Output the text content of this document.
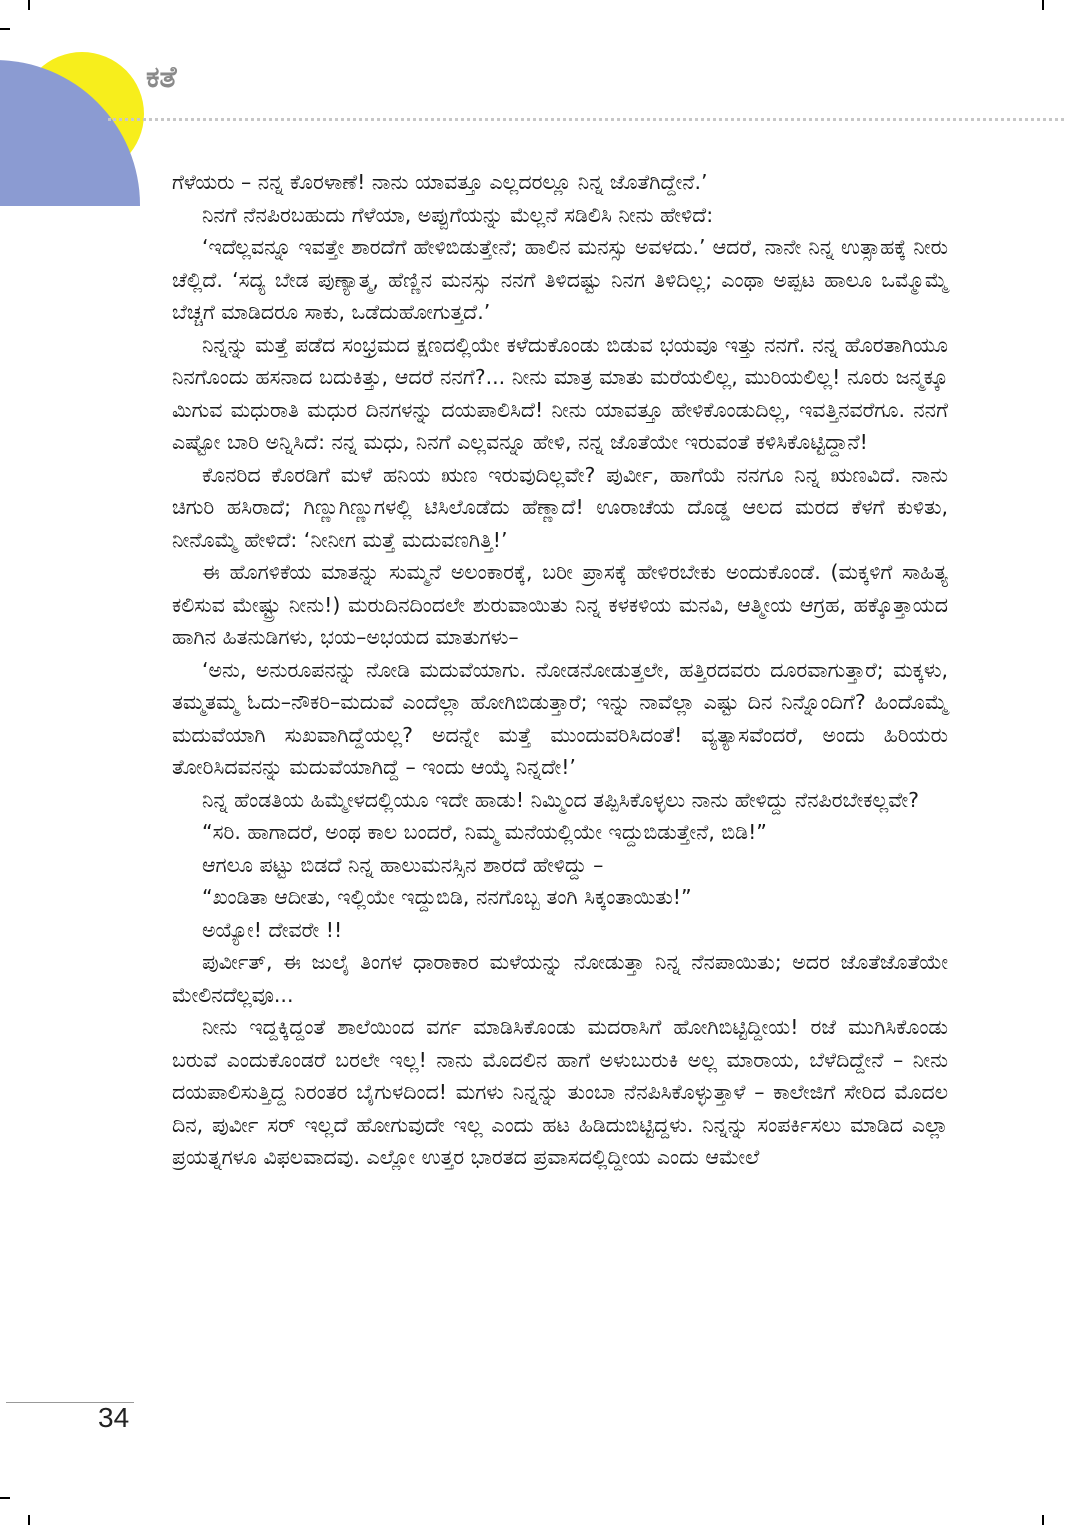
ಕತೆ

ಗೆಳೆಯರು – ನನ್ನ ಕೊರಳಾಣೆ! ನಾನು ಯಾವತ್ತೂ ಎಲ್ಲದರಲ್ಲೂ ನಿನ್ನ ಜೊತೆಗಿದ್ದೇನೆ.’

ನಿನಗೆ ನೆನಪಿರಬಹುದು ಗೆಳೆಯಾ, ಅಪ್ಪುಗೆಯನ್ನು ಮೆಲ್ಲನೆ ಸಡಿಲಿಸಿ ನೀನು ಹೇಳಿದೆ:

‘ಇದೆಲ್ಲವನ್ನೂ ಇವತ್ತೇ ಶಾರದೆಗೆ ಹೇಳಿಬಿಡುತ್ತೇನೆ; ಹಾಲಿನ ಮನಸ್ಸು ಅವಳದು.’ ಆದರೆ, ನಾನೇ ನಿನ್ನ ಉತ್ಸಾಹಕ್ಕೆ ನೀರು ಚೆಲ್ಲಿದೆ. ‘ಸದ್ಯ ಬೇಡ ಪುಣ್ಯಾತ್ಮ, ಹೆಣ್ಣಿನ ಮನಸ್ಸು ನನಗೆ ತಿಳಿದಷ್ಟು ನಿನಗ ತಿಳಿದಿಲ್ಲ; ಎಂಥಾ ಅಪ್ಪಟ ಹಾಲೂ ಒಮ್ಮೊಮ್ಮೆ ಬೆಚ್ಚಗೆ ಮಾಡಿದರೂ ಸಾಕು, ಒಡೆದುಹೋಗುತ್ತದೆ.’

ನಿನ್ನನ್ನು ಮತ್ತೆ ಪಡೆದ ಸಂಭ್ರಮದ ಕ್ಷಣದಲ್ಲಿಯೇ ಕಳೆದುಕೊಂಡು ಬಿಡುವ ಭಯವೂ ಇತ್ತು ನನಗೆ. ನನ್ನ ಹೊರತಾಗಿಯೂ ನಿನಗೊಂದು ಹಸನಾದ ಬದುಕಿತ್ತು, ಆದರೆ ನನಗೆ?... ನೀನು ಮಾತ್ರ ಮಾತು ಮರೆಯಲಿಲ್ಲ, ಮುರಿಯಲಿಲ್ಲ! ನೂರು ಜನ್ಮಕ್ಕೂ ಮಿಗುವ ಮಧುರಾತಿ ಮಧುರ ದಿನಗಳನ್ನು ದಯಪಾಲಿಸಿದೆ! ನೀನು ಯಾವತ್ತೂ ಹೇಳಿಕೊಂಡುದಿಲ್ಲ, ಇವತ್ತಿನವರೆಗೂ. ನನಗೆ ಎಷ್ಟೋ ಬಾರಿ ಅನ್ನಿಸಿದೆ: ನನ್ನ ಮಧು, ನಿನಗೆ ಎಲ್ಲವನ್ನೂ ಹೇಳಿ, ನನ್ನ ಜೊತೆಯೇ ಇರುವಂತೆ ಕಳಿಸಿಕೊಟ್ಟಿದ್ದಾನೆ!

ಕೊನರಿದ ಕೊರಡಿಗೆ ಮಳೆ ಹನಿಯ ಋಣ ಇರುವುದಿಲ್ಲವೇ? ಪುರ್ವೀ, ಹಾಗೆಯೆ ನನಗೂ ನಿನ್ನ ಋಣವಿದೆ. ನಾನು ಚಿಗುರಿ ಹಸಿರಾದೆ; ಗಿಣ್ಣುಗಿಣ್ಣುಗಳಲ್ಲಿ ಟಿಸಿಲೊಡೆದು ಹೆಣ್ಣಾದೆ! ಊರಾಚೆಯ ದೊಡ್ಡ ಆಲದ ಮರದ ಕೆಳಗೆ ಕುಳಿತು, ನೀನೊಮ್ಮೆ ಹೇಳಿದೆ: ‘ನೀನೀಗ ಮತ್ತೆ ಮದುವಣಗಿತ್ತಿ!’

ಈ ಹೊಗಳಿಕೆಯ ಮಾತನ್ನು ಸುಮ್ಮನೆ ಅಲಂಕಾರಕ್ಕೆ, ಬರೀ ಪ್ರಾಸಕ್ಕೆ ಹೇಳಿರಬೇಕು ಅಂದುಕೊಂಡೆ. (ಮಕ್ಕಳಿಗೆ ಸಾಹಿತ್ಯ ಕಲಿಸುವ ಮೇಷ್ಟ್ರು ನೀನು!) ಮರುದಿನದಿಂದಲೇ ಶುರುವಾಯಿತು ನಿನ್ನ ಕಳಕಳಿಯ ಮನವಿ, ಆತ್ಮೀಯ ಆಗ್ರಹ, ಹಕ್ಕೊತ್ತಾಯದ ಹಾಗಿನ ಹಿತನುಡಿಗಳು, ಭಯ–ಅಭಯದ ಮಾತುಗಳು–

‘ಅನು, ಅನುರೂಪನನ್ನು ನೋಡಿ ಮದುವೆಯಾಗು. ನೋಡನೋಡುತ್ತಲೇ, ಹತ್ತಿರದವರು ದೂರವಾಗುತ್ತಾರೆ; ಮಕ್ಕಳು, ತಮ್ಮತಮ್ಮ ಓದು–ನೌಕರಿ–ಮದುವೆ ಎಂದೆಲ್ಲಾ ಹೋಗಿಬಿಡುತ್ತಾರೆ; ಇನ್ನು ನಾವೆಲ್ಲಾ ಎಷ್ಟು ದಿನ ನಿನ್ನೊಂದಿಗೆ? ಹಿಂದೊಮ್ಮೆ ಮದುವೆಯಾಗಿ ಸುಖವಾಗಿದ್ದೆಯಲ್ಲ? ಅದನ್ನೇ ಮತ್ತೆ ಮುಂದುವರಿಸಿದಂತೆ! ವ್ಯತ್ಯಾಸವೆಂದರೆ, ಅಂದು ಹಿರಿಯರು ತೋರಿಸಿದವನನ್ನು ಮದುವೆಯಾಗಿದ್ದೆ – ಇಂದು ಆಯ್ಕೆ ನಿನ್ನದೇ!’

ನಿನ್ನ ಹೆಂಡತಿಯ ಹಿಮ್ಮೇಳದಲ್ಲಿಯೂ ಇದೇ ಹಾಡು! ನಿಮ್ಮಿಂದ ತಪ್ಪಿಸಿಕೊಳ್ಳಲು ನಾನು ಹೇಳಿದ್ದು ನೆನಪಿರಬೇಕಲ್ಲವೇ?

“ಸರಿ. ಹಾಗಾದರೆ, ಅಂಥ ಕಾಲ ಬಂದರೆ, ನಿಮ್ಮ ಮನೆಯಲ್ಲಿಯೇ ಇದ್ದುಬಿಡುತ್ತೇನೆ, ಬಿಡಿ!”

ಆಗಲೂ ಪಟ್ಟು ಬಿಡದೆ ನಿನ್ನ ಹಾಲುಮನಸ್ಸಿನ ಶಾರದೆ ಹೇಳಿದ್ದು –

“ಖಂಡಿತಾ ಆದೀತು, ಇಲ್ಲಿಯೇ ಇದ್ದುಬಿಡಿ, ನನಗೊಬ್ಬ ತಂಗಿ ಸಿಕ್ಕಂತಾಯಿತು!”

ಅಯ್ಯೋ! ದೇವರೇ !!

ಪುರ್ವೀತ್, ಈ ಜುಲೈ ತಿಂಗಳ ಧಾರಾಕಾರ ಮಳೆಯನ್ನು ನೋಡುತ್ತಾ ನಿನ್ನ ನೆನಪಾಯಿತು; ಅದರ ಜೊತೆಜೊತೆಯೇ ಮೇಲಿನದೆಲ್ಲವೂ...

ನೀನು ಇದ್ದಕ್ಕಿದ್ದಂತೆ ಶಾಲೆಯಿಂದ ವರ್ಗ ಮಾಡಿಸಿಕೊಂಡು ಮದರಾಸಿಗೆ ಹೋಗಿಬಿಟ್ಟಿದ್ದೀಯ! ರಜೆ ಮುಗಿಸಿಕೊಂಡು ಬರುವೆ ಎಂದುಕೊಂಡರೆ ಬರಲೇ ಇಲ್ಲ! ನಾನು ಮೊದಲಿನ ಹಾಗೆ ಅಳುಬುರುಕಿ ಅಲ್ಲ ಮಾರಾಯ, ಬೆಳೆದಿದ್ದೇನೆ – ನೀನು ದಯಪಾಲಿಸುತ್ತಿದ್ದ ನಿರಂತರ ಬೈಗುಳದಿಂದ! ಮಗಳು ನಿನ್ನನ್ನು ತುಂಬಾ ನೆನಪಿಸಿಕೊಳ್ಳುತ್ತಾಳೆ – ಕಾಲೇಜಿಗೆ ಸೇರಿದ ಮೊದಲ ದಿನ, ಪುರ್ವೀ ಸರ್ ಇಲ್ಲದೆ ಹೋಗುವುದೇ ಇಲ್ಲ ಎಂದು ಹಟ ಹಿಡಿದುಬಿಟ್ಟಿದ್ದಳು. ನಿನ್ನನ್ನು ಸಂಪರ್ಕಿಸಲು ಮಾಡಿದ ಎಲ್ಲಾ ಪ್ರಯತ್ನಗಳೂ ವಿಫಲವಾದವು. ಎಲ್ಲೋ ಉತ್ತರ ಭಾರತದ ಪ್ರವಾಸದಲ್ಲಿದ್ದೀಯ ಎಂದು ಆಮೇಲೆ

34
